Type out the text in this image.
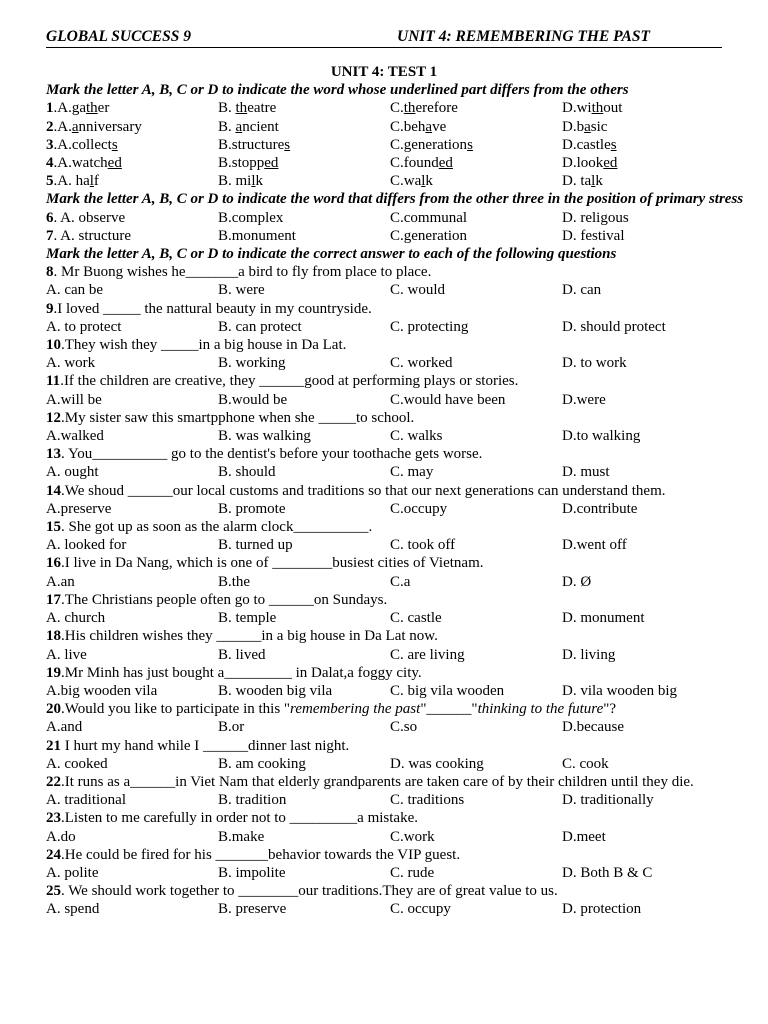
GLOBAL SUCCESS 9	UNIT 4: REMEMBERING THE PAST
UNIT 4: TEST 1
Mark the letter A, B, C or D to indicate the word whose underlined part differs from the others
1.A.gather	B. theatre	C.therefore	D.without
2.A.anniversary	B. ancient	C.behave	D.basic
3.A.collects	B.structures	C.generations	D.castles
4.A.watched	B.stopped	C.founded	D.looked
5.A. half	B. milk	C.walk	D. talk
Mark the letter A, B, C or D to indicate the word that differs from the other three in the position of primary stress
6. A. observe	B.complex	C.communal	D. religous
7. A. structure	B.monument	C.generation	D. festival
Mark the letter A, B, C or D to indicate the correct answer to each of the following questions
8. Mr Buong wishes he_______a bird to fly from place to place.
A. can be	B. were	C. would	D. can
9.I loved _____ the nattural beauty in my countryside.
A. to protect	B. can protect	C. protecting	D. should protect
10.They wish they _____in a big house in Da Lat.
A. work	B. working	C. worked	D. to work
11.If the children are creative, they ______good at performing plays or stories.
A.will be	B.would be	C.would have been	D.were
12.My sister saw this smartpphone when she _____to school.
A.walked	B. was walking	C. walks	D.to walking
13. You__________ go to the dentist's before your toothache gets worse.
A. ought	B. should	C. may	D. must
14.We shoud ______our local customs and traditions so that our next generations can understand them.
A.preserve	B. promote	C.occupy	D.contribute
15. She got up as soon as the alarm clock__________.
A. looked for	B. turned up	C. took off	D.went off
16.I live in Da Nang, which is one of ________busiest cities of Vietnam.
A.an	B.the	C.a	D. Ø
17.The Christians people often go to ______on Sundays.
A. church	B. temple	C. castle	D. monument
18.His children wishes they ______in a big house in Da Lat now.
A. live	B. lived	C. are living	D. living
19.Mr Minh has just bought a_________ in Dalat,a foggy city.
A.big wooden vila	B. wooden big vila	C. big vila wooden	D. vila wooden big
20.Would you like to participate in this "remembering the past"______"thinking to the future"?
A.and	B.or	C.so	D.because
21 I hurt my hand while I ______dinner last night.
A. cooked	B. am cooking	D. was cooking	C. cook
22.It runs as a______in Viet Nam that elderly grandparents are taken care of by their children until they die.
A. traditional	B. tradition	C. traditions	D. traditionally
23.Listen to me carefully in order not to _________a mistake.
A.do	B.make	C.work	D.meet
24.He could be fired for his _______behavior towards the VIP guest.
A. polite	B. impolite	C. rude	D. Both B & C
25. We should work together to ________our traditions.They are of great value to us.
A. spend	B. preserve	C. occupy	D. protection
